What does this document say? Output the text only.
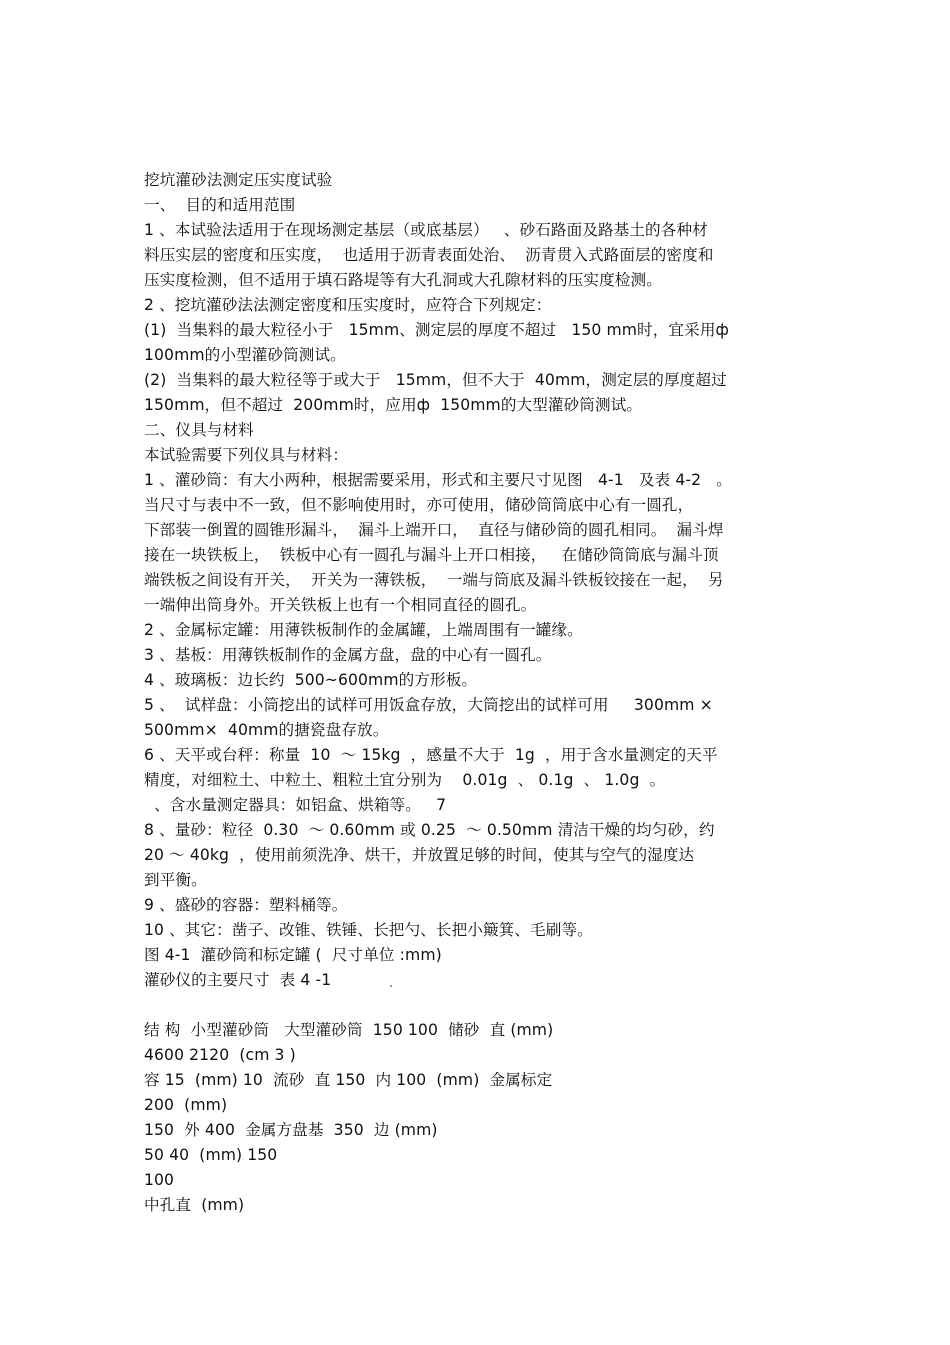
挖坑灌砂法测定压实度试验
一、  目的和适用范围
1 、本试验法适用于在现场测定基层（或底基层）   、砂石路面及路基土的各种材
料压实层的密度和压实度，  也适用于沥青表面处治、  沥青贯入式路面层的密度和
压实度检测，但不适用于填石路堤等有大孔洞或大孔隙材料的压实度检测。
2 、挖坑灌砂法法测定密度和压实度时，应符合下列规定：
(1)  当集料的最大粒径小于   15mm、测定层的厚度不超过   150 mm时，宜采用ф
100mm的小型灌砂筒测试。
(2)  当集料的最大粒径等于或大于   15mm，但不大于  40mm，测定层的厚度超过
150mm，但不超过  200mm时，应用ф  150mm的大型灌砂筒测试。
二、仪具与材料
本试验需要下列仪具与材料：
1 、灌砂筒：有大小两种，根据需要采用，形式和主要尺寸见图   4-1   及表 4-2   。
当尺寸与表中不一致，但不影响使用时，亦可使用，储砂筒筒底中心有一圆孔，
下部装一倒置的圆锥形漏斗，  漏斗上端开口，  直径与储砂筒的圆孔相同。  漏斗焊
接在一块铁板上，  铁板中心有一圆孔与漏斗上开口相接，   在储砂筒筒底与漏斗顶
端铁板之间设有开关，  开关为一薄铁板，  一端与筒底及漏斗铁板铰接在一起，  另
一端伸出筒身外。开关铁板上也有一个相同直径的圆孔。
2 、金属标定罐：用薄铁板制作的金属罐，上端周围有一罐缘。
3 、基板：用薄铁板制作的金属方盘，盘的中心有一圆孔。
4 、玻璃板：边长约  500~600mm的方形板。
5 、  试样盘：小筒挖出的试样可用饭盒存放，大筒挖出的试样可用     300mm ×
500mm×  40mm的搪瓷盘存放。
6 、天平或台秤：称量  10  ～ 15kg  ，感量不大于  1g  ，用于含水量测定的天平
精度，对细粒土、中粒土、粗粒土宜分别为    0.01g  、 0.1g  、 1.0g  。
、含水量测定器具：如铝盒、烘箱等。   7
8 、量砂：粒径  0.30  ～ 0.60mm 或 0.25  ～ 0.50mm 清洁干燥的均匀砂，约
20 ～ 40kg  ，使用前须洗净、烘干，并放置足够的时间，使其与空气的湿度达
到平衡。
9 、盛砂的容器：塑料桶等。
10 、其它：凿子、改锥、铁锤、长把勺、长把小簸箕、毛刷等。
图 4-1  灌砂筒和标定罐 (  尺寸单位 :mm)
灌砂仪的主要尺寸  表 4 -1
结 构  小型灌砂筒   大型灌砂筒  150 100  储砂  直 (mm)
4600 2120  (cm 3 )
容 15  (mm) 10  流砂  直 150  内 100  (mm)  金属标定
200  (mm)
150  外 400  金属方盘基  350  边 (mm)
50 40  (mm) 150
100
中孔直  (mm)
